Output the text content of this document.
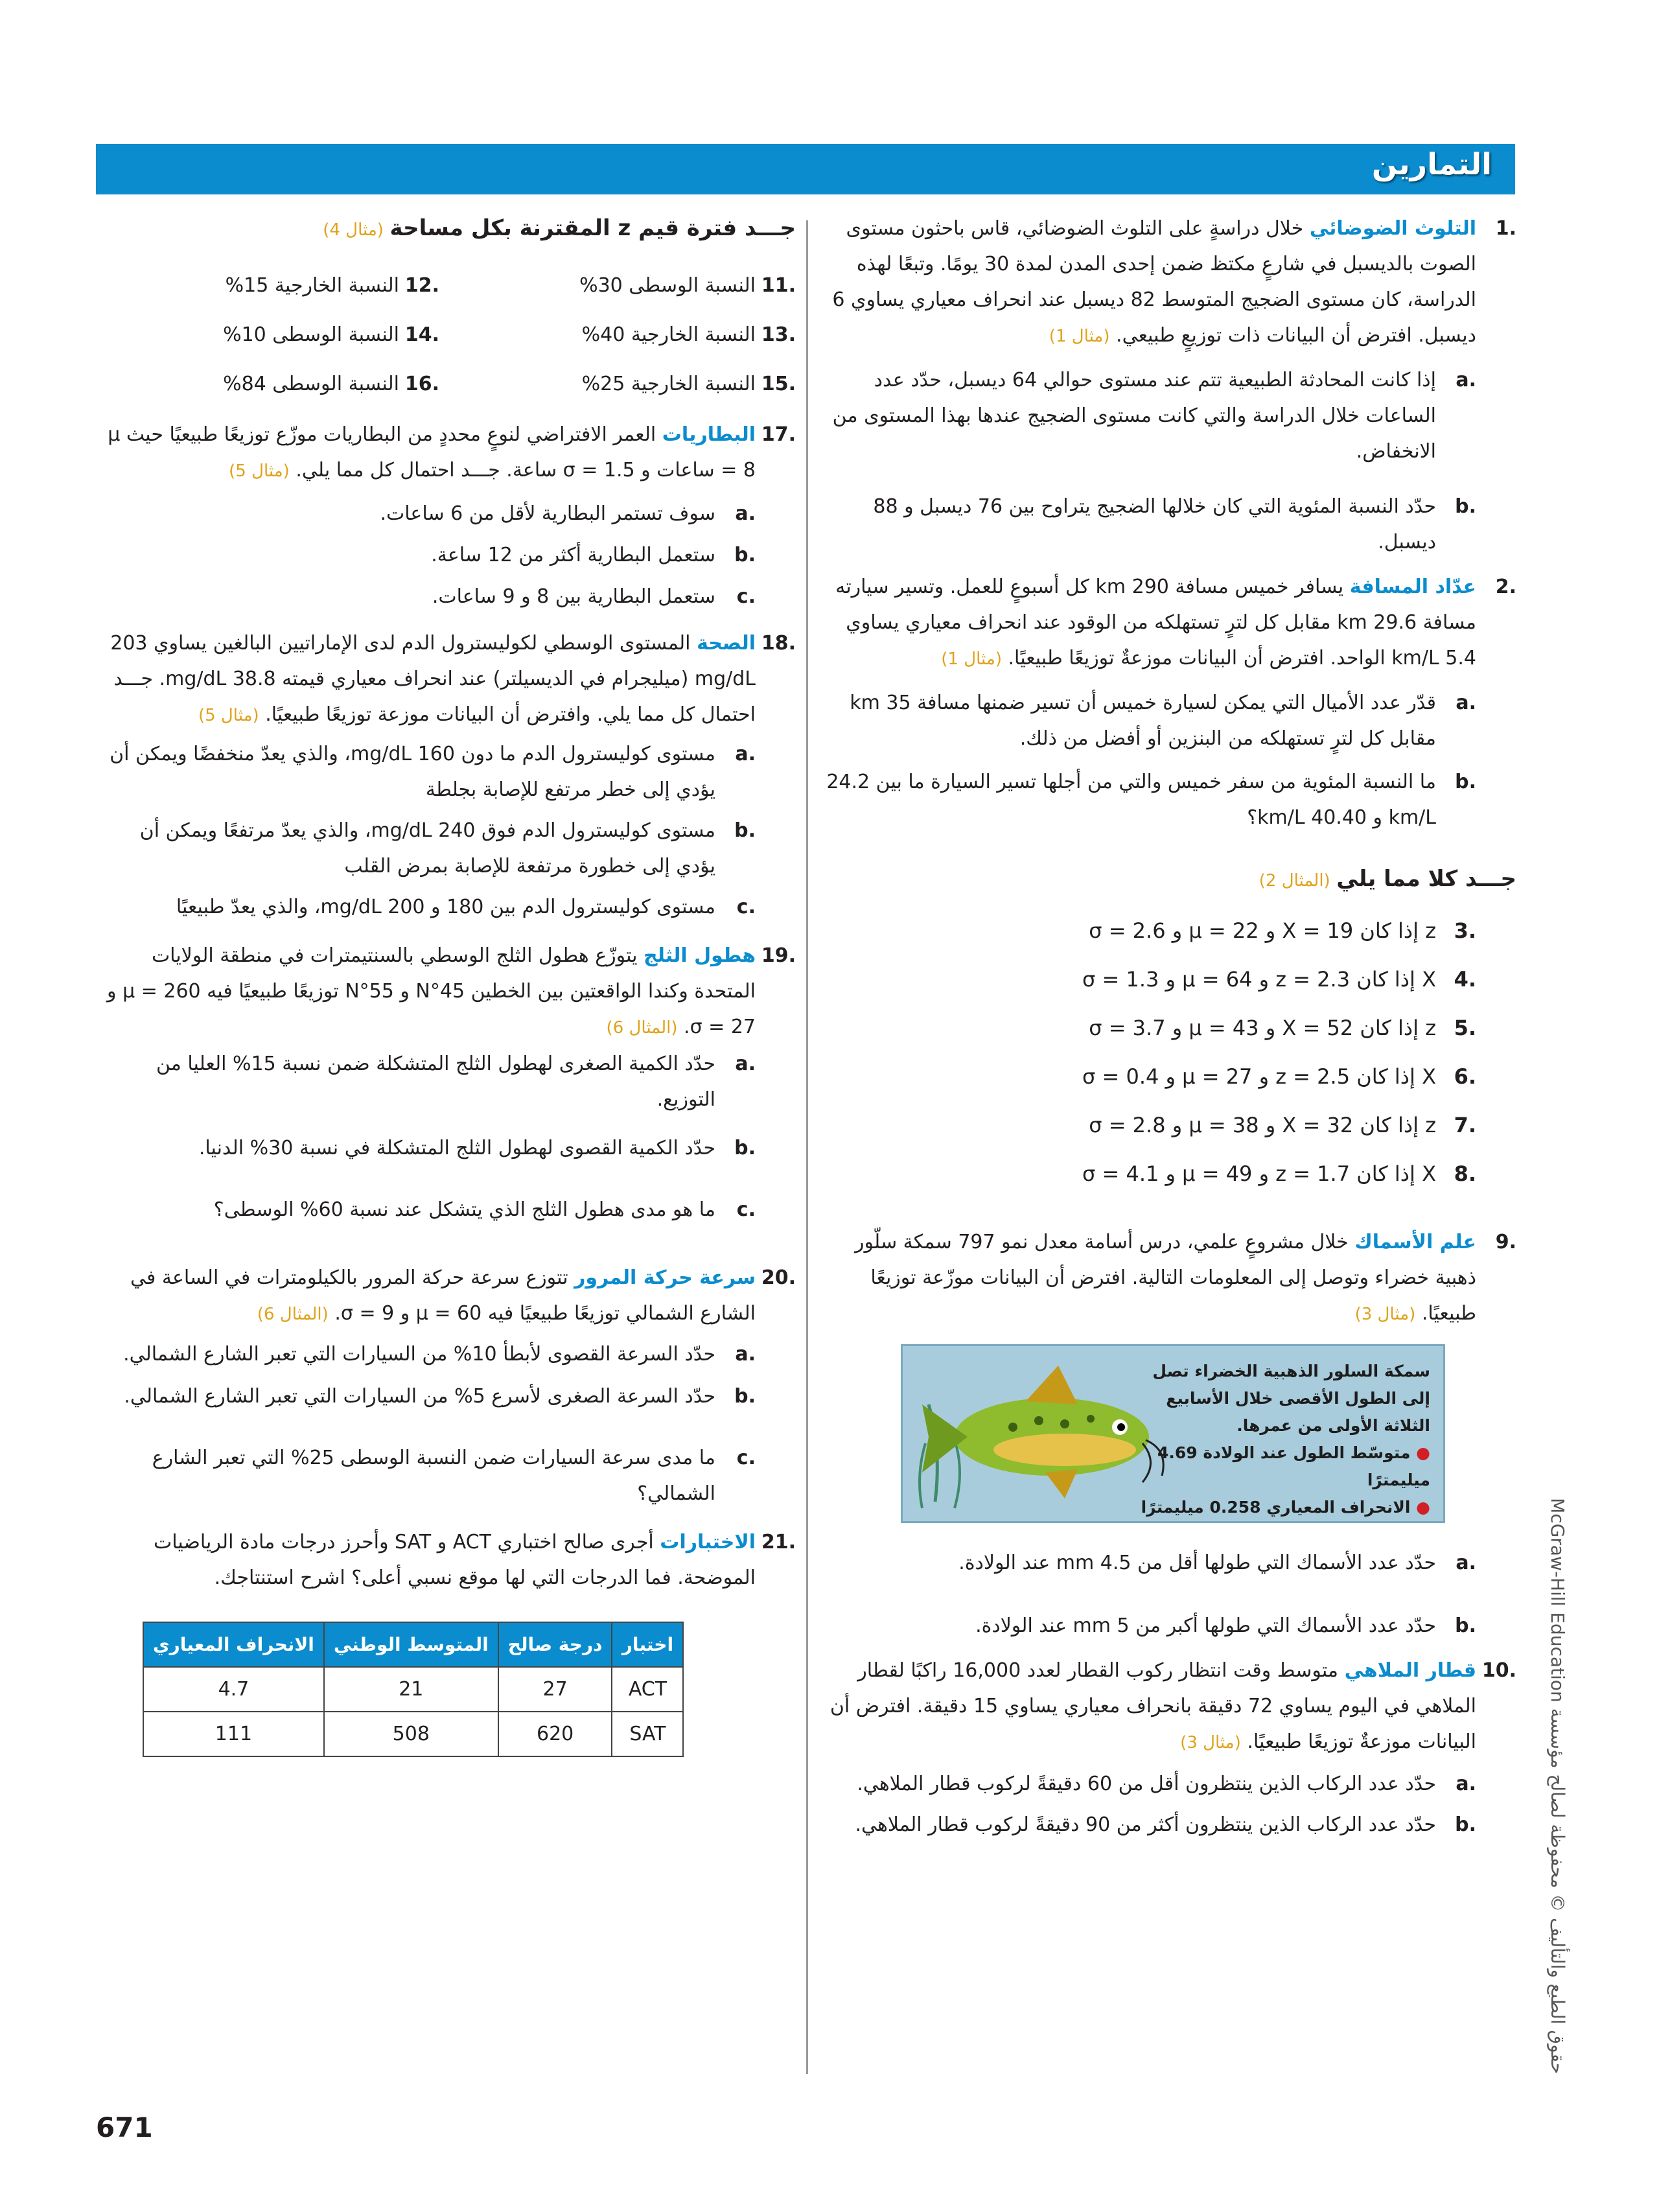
التمارين
.1
التلوث الضوضائي خلال دراسةٍ على التلوث الضوضائي، قاس باحثون مستوى الصوت بالديسبل في شارعٍ مكتظ ضمن إحدى المدن لمدة 30 يومًا. وتبعًا لهذه الدراسة، كان مستوى الضجيج المتوسط 82 ديسبل عند انحراف معياري يساوي 6 ديسبل. افترض أن البيانات ذات توزيعٍ طبيعي. (مثال 1)
.a
إذا كانت المحادثة الطبيعية تتم عند مستوى حوالي 64 ديسبل، حدّد عدد الساعات خلال الدراسة والتي كانت مستوى الضجيج عندها بهذا المستوى من الانخفاض.
.b
حدّد النسبة المئوية التي كان خلالها الضجيج يتراوح بين 76 ديسبل و 88 ديسبل.
.2
عدّاد المسافة يسافر خميس مسافة 290 km كل أسبوعٍ للعمل. وتسير سيارته مسافة 29.6 km مقابل كل لترٍ تستهلكه من الوقود عند انحراف معياري يساوي 5.4 km/L الواحد. افترض أن البيانات موزعةٌ توزيعًا طبيعيًا. (مثال 1)
.a
قدّر عدد الأميال التي يمكن لسيارة خميس أن تسير ضمنها مسافة 35 km مقابل كل لترٍ تستهلكه من البنزين أو أفضل من ذلك.
.b
ما النسبة المئوية من سفر خميس والتي من أجلها تسير السيارة ما بين 24.2 km/L و 40.40 km/L؟
جـــد كلا مما يلي (المثال 2)
.3
z إذا كان X = 19 و μ = 22 و σ = 2.6
.4
X إذا كان z = 2.3 و μ = 64 و σ = 1.3
.5
z إذا كان X = 52 و μ = 43 و σ = 3.7
.6
X إذا كان z = 2.5 و μ = 27 و σ = 0.4
.7
z إذا كان X = 32 و μ = 38 و σ = 2.8
.8
X إذا كان z = 1.7 و μ = 49 و σ = 4.1
.9
علم الأسماك خلال مشروعٍ علمي، درس أسامة معدل نمو 797 سمكة سلّور ذهبية خضراء وتوصل إلى المعلومات التالية. افترض أن البيانات موزّعة توزيعًا طبيعيًا. (مثال 3)
سمكة السلور الذهبية الخضراء تصل إلى الطول الأقصى خلال الأسابيع الثلاثة الأولى من عمرها.
● متوسّط الطول عند الولادة 4.69 ميليمترًا
● الانحراف المعياري 0.258 ميليمترًا
.a
حدّد عدد الأسماك التي طولها أقل من 4.5 mm عند الولادة.
.b
حدّد عدد الأسماك التي طولها أكبر من 5 mm عند الولادة.
.10
قطار الملاهي متوسط وقت انتظار ركوب القطار لعدد 16,000 راكبًا لقطار الملاهي في اليوم يساوي 72 دقيقة بانحراف معياري يساوي 15 دقيقة. افترض أن البيانات موزعةٌ توزيعًا طبيعيًا. (مثال 3)
.a
حدّد عدد الركاب الذين ينتظرون أقل من 60 دقيقةً لركوب قطار الملاهي.
.b
حدّد عدد الركاب الذين ينتظرون أكثر من 90 دقيقةً لركوب قطار الملاهي.
جـــد فترة قيم z المقترنة بكل مساحة (مثال 4)
.11
النسبة الوسطى 30%
.12
النسبة الخارجية 15%
.13
النسبة الخارجية 40%
.14
النسبة الوسطى 10%
.15
النسبة الخارجية 25%
.16
النسبة الوسطى 84%
.17
البطاريات العمر الافتراضي لنوعٍ محددٍ من البطاريات موزّع توزيعًا طبيعيًا حيث μ = 8 ساعات و σ = 1.5 ساعة. جـــد احتمال كل مما يلي. (مثال 5)
.a
سوف تستمر البطارية لأقل من 6 ساعات.
.b
ستعمل البطارية أكثر من 12 ساعة.
.c
ستعمل البطارية بين 8 و 9 ساعات.
.18
الصحة المستوى الوسطي لكوليسترول الدم لدى الإماراتيين البالغين يساوي 203 mg/dL (ميليجرام في الديسيلتر) عند انحراف معياري قيمته 38.8 mg/dL. جـــد احتمال كل مما يلي. وافترض أن البيانات موزعة توزيعًا طبيعيًا. (مثال 5)
.a
مستوى كوليسترول الدم ما دون 160 mg/dL، والذي يعدّ منخفضًا ويمكن أن يؤدي إلى خطر مرتفع للإصابة بجلطة
.b
مستوى كوليسترول الدم فوق 240 mg/dL، والذي يعدّ مرتفعًا ويمكن أن يؤدي إلى خطورة مرتفعة للإصابة بمرض القلب
.c
مستوى كوليسترول الدم بين 180 و 200 mg/dL، والذي يعدّ طبيعيًا
.19
هطول الثلج يتوزّع هطول الثلج الوسطي بالسنتيمترات في منطقة الولايات المتحدة وكندا الواقعتين بين الخطين 45°N و 55°N توزيعًا طبيعيًا فيه μ = 260 و σ = 27. (المثال 6)
.a
حدّد الكمية الصغرى لهطول الثلج المتشكلة ضمن نسبة 15% العليا من التوزيع.
.b
حدّد الكمية القصوى لهطول الثلج المتشكلة في نسبة 30% الدنيا.
.c
ما هو مدى هطول الثلج الذي يتشكل عند نسبة 60% الوسطى؟
.20
سرعة حركة المرور تتوزع سرعة حركة المرور بالكيلومترات في الساعة في الشارع الشمالي توزيعًا طبيعيًا فيه μ = 60 و σ = 9. (المثال 6)
.a
حدّد السرعة القصوى لأبطأ 10% من السيارات التي تعبر الشارع الشمالي.
.b
حدّد السرعة الصغرى لأسرع 5% من السيارات التي تعبر الشارع الشمالي.
.c
ما مدى سرعة السيارات ضمن النسبة الوسطى 25% التي تعبر الشارع الشمالي؟
.21
الاختبارات أجرى صالح اختباري ACT و SAT وأحرز درجات مادة الرياضيات الموضحة. فما الدرجات التي لها موقع نسبي أعلى؟ اشرح استنتاجك.
اختبار	درجة صالح	المتوسط الوطني	الانحراف المعياري
ACT	27	21	4.7
SAT	620	508	111
حقوق الطبع والتأليف © محفوظة لصالح مؤسسة McGraw-Hill Education
671
